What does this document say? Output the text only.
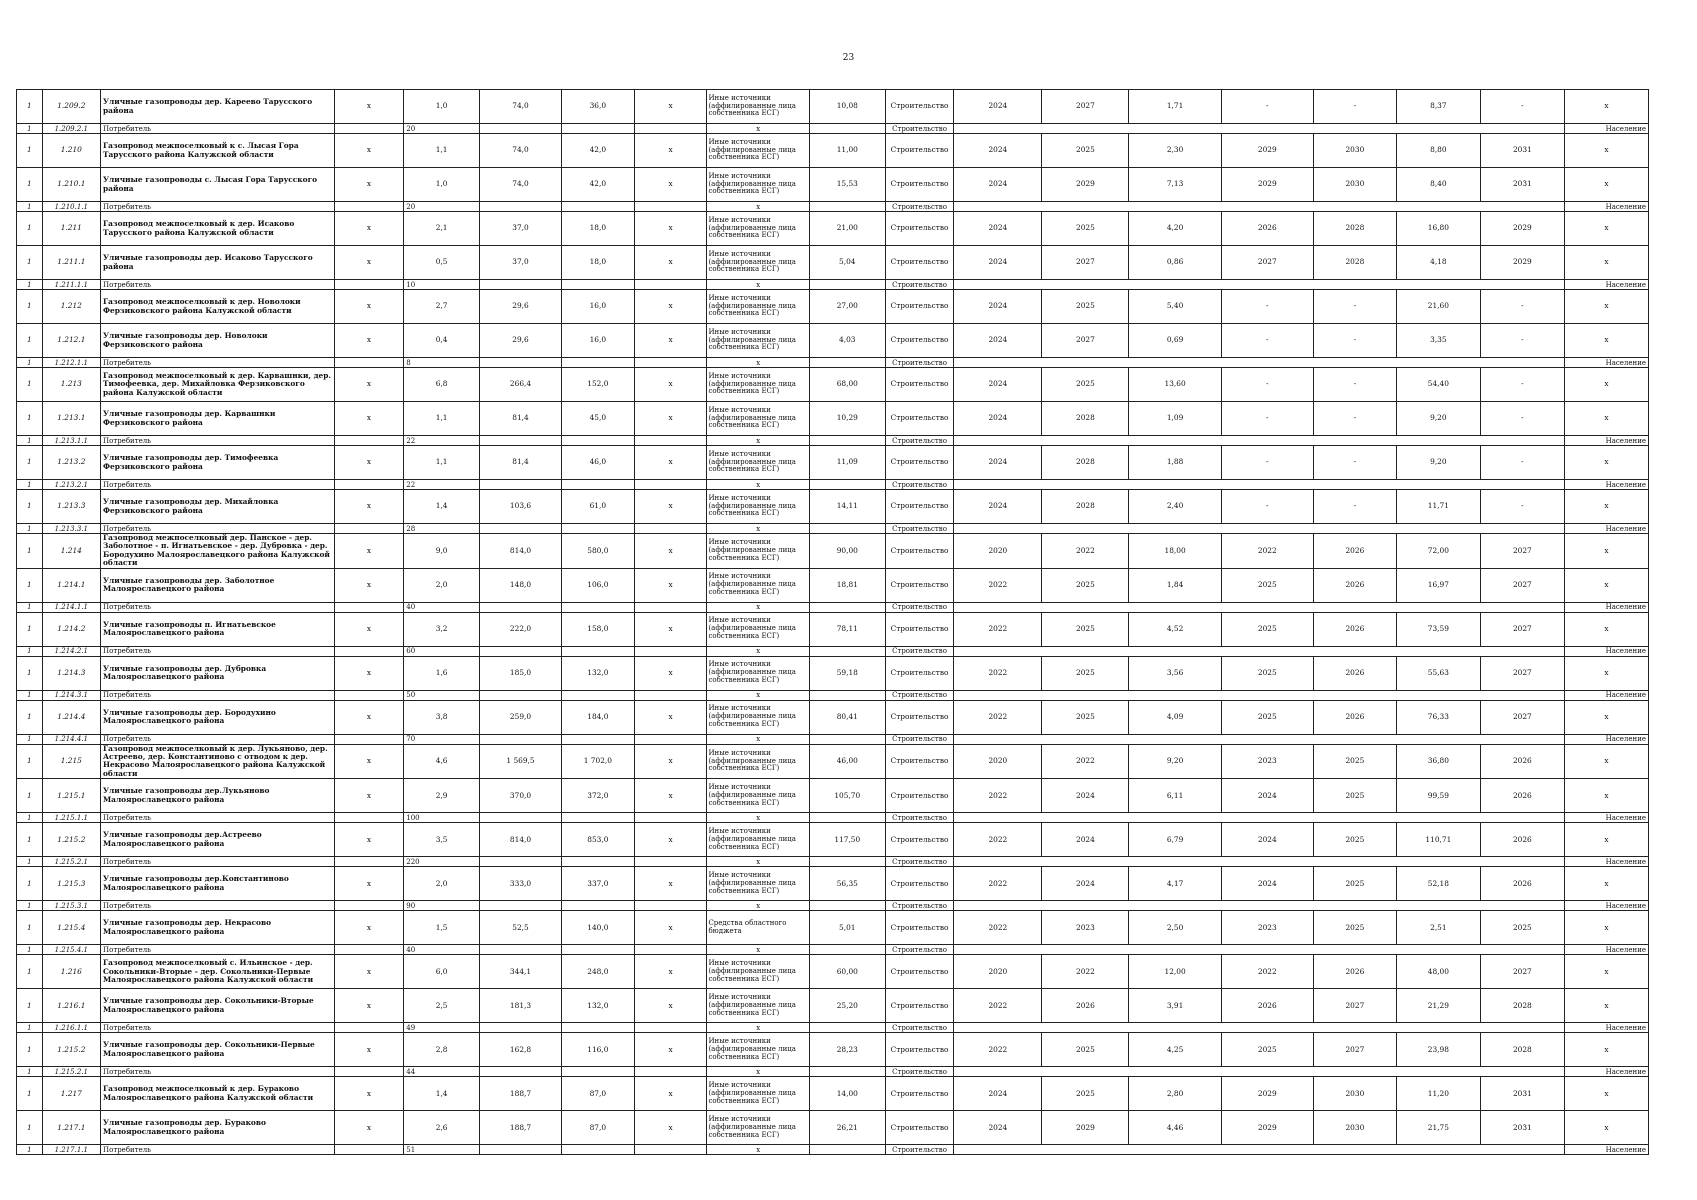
23
1	1.209.2	Уличные газопроводы дер. Кареево Тарусского района	х	1,0	74,0	36,0	х	Иные источники (аффилированные лица собственника ЕСГ)	10,08	Строительство	2024	2027	1,71	-	-	8,37	-	х
1	1.209.2.1	Потребитель		20				х		Строительство								Население
1	1.210	Газопровод межпоселковый к с. Лысая Гора Тарусского района Калужской области	х	1,1	74,0	42,0	х	Иные источники (аффилированные лица собственника ЕСГ)	11,00	Строительство	2024	2025	2,30	2029	2030	8,80	2031	х
1	1.210.1	Уличные газопроводы с. Лысая Гора Тарусского района	х	1,0	74,0	42,0	х	Иные источники (аффилированные лица собственника ЕСГ)	15,53	Строительство	2024	2029	7,13	2029	2030	8,40	2031	х
1	1.210.1.1	Потребитель		20				х		Строительство								Население
1	1.211	Газопровод межпоселковый к дер. Исаково Тарусского района Калужской области	х	2,1	37,0	18,0	х	Иные источники (аффилированные лица собственника ЕСГ)	21,00	Строительство	2024	2025	4,20	2026	2028	16,80	2029	х
1	1.211.1	Уличные газопроводы дер. Исаково Тарусского района	х	0,5	37,0	18,0	х	Иные источники (аффилированные лица собственника ЕСГ)	5,04	Строительство	2024	2027	0,86	2027	2028	4,18	2029	х
1	1.211.1.1	Потребитель		10				х		Строительство								Население
1	1.212	Газопровод межпоселковый к дер. Новолоки Ферзиковского района Калужской области	х	2,7	29,6	16,0	х	Иные источники (аффилированные лица собственника ЕСГ)	27,00	Строительство	2024	2025	5,40	-	-	21,60	-	х
1	1.212.1	Уличные газопроводы дер. Новолоки Ферзиковского района	х	0,4	29,6	16,0	х	Иные источники (аффилированные лица собственника ЕСГ)	4,03	Строительство	2024	2027	0,69	-	-	3,35	-	х
1	1.212.1.1	Потребитель		8				х		Строительство								Население
1	1.213	Газопровод межпоселковый к дер. Карвашнки, дер. Тимофеевка, дер. Михайловка Ферзиковского района Калужской области	х	6,8	266,4	152,0	х	Иные источники (аффилированные лица собственника ЕСГ)	68,00	Строительство	2024	2025	13,60	-	-	54,40	-	х
1	1.213.1	Уличные газопроводы дер. Карвашнки Ферзиковского района	х	1,1	81,4	45,0	х	Иные источники (аффилированные лица собственника ЕСГ)	10,29	Строительство	2024	2028	1,09	-	-	9,20	-	х
1	1.213.1.1	Потребитель		22				х		Строительство								Население
1	1.213.2	Уличные газопроводы дер. Тимофеевка Ферзиковского района	х	1,1	81,4	46,0	х	Иные источники (аффилированные лица собственника ЕСГ)	11,09	Строительство	2024	2028	1,88	-	-	9,20	-	х
1	1.213.2.1	Потребитель		22				х		Строительство								Население
1	1.213.3	Уличные газопроводы дер. Михайловка Ферзиковского района	х	1,4	103,6	61,0	х	Иные источники (аффилированные лица собственника ЕСГ)	14,11	Строительство	2024	2028	2,40	-	-	11,71	-	х
1	1.213.3.1	Потребитель		28				х		Строительство								Население
1	1.214	Газопровод межпоселковый дер. Панское - дер. Заболотное - п. Игнатьевское - дер. Дубровка - дер. Бородухино Малоярославецкого района Калужской области	х	9,0	814,0	580,0	х	Иные источники (аффилированные лица собственника ЕСГ)	90,00	Строительство	2020	2022	18,00	2022	2026	72,00	2027	х
1	1.214.1	Уличные газопроводы дер. Заболотное Малоярославецкого района	х	2,0	148,0	106,0	х	Иные источники (аффилированные лица собственника ЕСГ)	18,81	Строительство	2022	2025	1,84	2025	2026	16,97	2027	х
1	1.214.1.1	Потребитель		40				х		Строительство								Население
1	1.214.2	Уличные газопроводы п. Игнатьевское Малоярославецкого района	х	3,2	222,0	158,0	х	Иные источники (аффилированные лица собственника ЕСГ)	78,11	Строительство	2022	2025	4,52	2025	2026	73,59	2027	х
1	1.214.2.1	Потребитель		60				х		Строительство								Население
1	1.214.3	Уличные газопроводы дер. Дубровка Малоярославецкого района	х	1,6	185,0	132,0	х	Иные источники (аффилированные лица собственника ЕСГ)	59,18	Строительство	2022	2025	3,56	2025	2026	55,63	2027	х
1	1.214.3.1	Потребитель		50				х		Строительство								Население
1	1.214.4	Уличные газопроводы дер. Бородухино Малоярославецкого района	х	3,8	259,0	184,0	х	Иные источники (аффилированные лица собственника ЕСГ)	80,41	Строительство	2022	2025	4,09	2025	2026	76,33	2027	х
1	1.214.4.1	Потребитель		70				х		Строительство								Население
1	1.215	Газопровод межпоселковый к дер. Лукьяново, дер. Астреево, дер. Константиново с отводом к дер. Некрасово Малоярославецкого района Калужской области	х	4,6	1 569,5	1 702,0	х	Иные источники (аффилированные лица собственника ЕСГ)	46,00	Строительство	2020	2022	9,20	2023	2025	36,80	2026	х
1	1.215.1	Уличные газопроводы дер.Лукьяново Малоярославецкого района	х	2,9	370,0	372,0	х	Иные источники (аффилированные лица собственника ЕСГ)	105,70	Строительство	2022	2024	6,11	2024	2025	99,59	2026	х
1	1.215.1.1	Потребитель		100				х		Строительство								Население
1	1.215.2	Уличные газопроводы дер.Астреево Малоярославецкого района	х	3,5	814,0	853,0	х	Иные источники (аффилированные лица собственника ЕСГ)	117,50	Строительство	2022	2024	6,79	2024	2025	110,71	2026	х
1	1.215.2.1	Потребитель		220				х		Строительство								Население
1	1.215.3	Уличные газопроводы дер.Константиново Малоярославецкого района	х	2,0	333,0	337,0	х	Иные источники (аффилированные лица собственника ЕСГ)	56,35	Строительство	2022	2024	4,17	2024	2025	52,18	2026	х
1	1.215.3.1	Потребитель		90				х		Строительство								Население
1	1.215.4	Уличные газопроводы дер. Некрасово Малоярославецкого района	х	1,5	52,5	140,0	х	Средства областного бюджета	5,01	Строительство	2022	2023	2,50	2023	2025	2,51	2025	х
1	1.215.4.1	Потребитель		40				х		Строительство								Население
1	1.216	Газопровод межпоселковый с. Ильинское - дер. Сокольники-Вторые - дер. Сокольники-Первые Малоярославецкого района Калужской области	х	6,0	344,1	248,0	х	Иные источники (аффилированные лица собственника ЕСГ)	60,00	Строительство	2020	2022	12,00	2022	2026	48,00	2027	х
1	1.216.1	Уличные газопроводы дер. Сокольники-Вторые Малоярославецкого района	х	2,5	181,3	132,0	х	Иные источники (аффилированные лица собственника ЕСГ)	25,20	Строительство	2022	2026	3,91	2026	2027	21,29	2028	х
1	1.216.1.1	Потребитель		49				х		Строительство								Население
1	1.215.2	Уличные газопроводы дер. Сокольники-Первые Малоярославецкого района	х	2,8	162,8	116,0	х	Иные источники (аффилированные лица собственника ЕСГ)	28,23	Строительство	2022	2025	4,25	2025	2027	23,98	2028	х
1	1.215.2.1	Потребитель		44				х		Строительство								Население
1	1.217	Газопровод межпоселковый к дер. Бураково Малоярославецкого района Калужской области	х	1,4	188,7	87,0	х	Иные источники (аффилированные лица собственника ЕСГ)	14,00	Строительство	2024	2025	2,80	2029	2030	11,20	2031	х
1	1.217.1	Уличные газопроводы дер. Бураково Малоярославецкого района	х	2,6	188,7	87,0	х	Иные источники (аффилированные лица собственника ЕСГ)	26,21	Строительство	2024	2029	4,46	2029	2030	21,75	2031	х
1	1.217.1.1	Потребитель		51				х		Строительство								Население
